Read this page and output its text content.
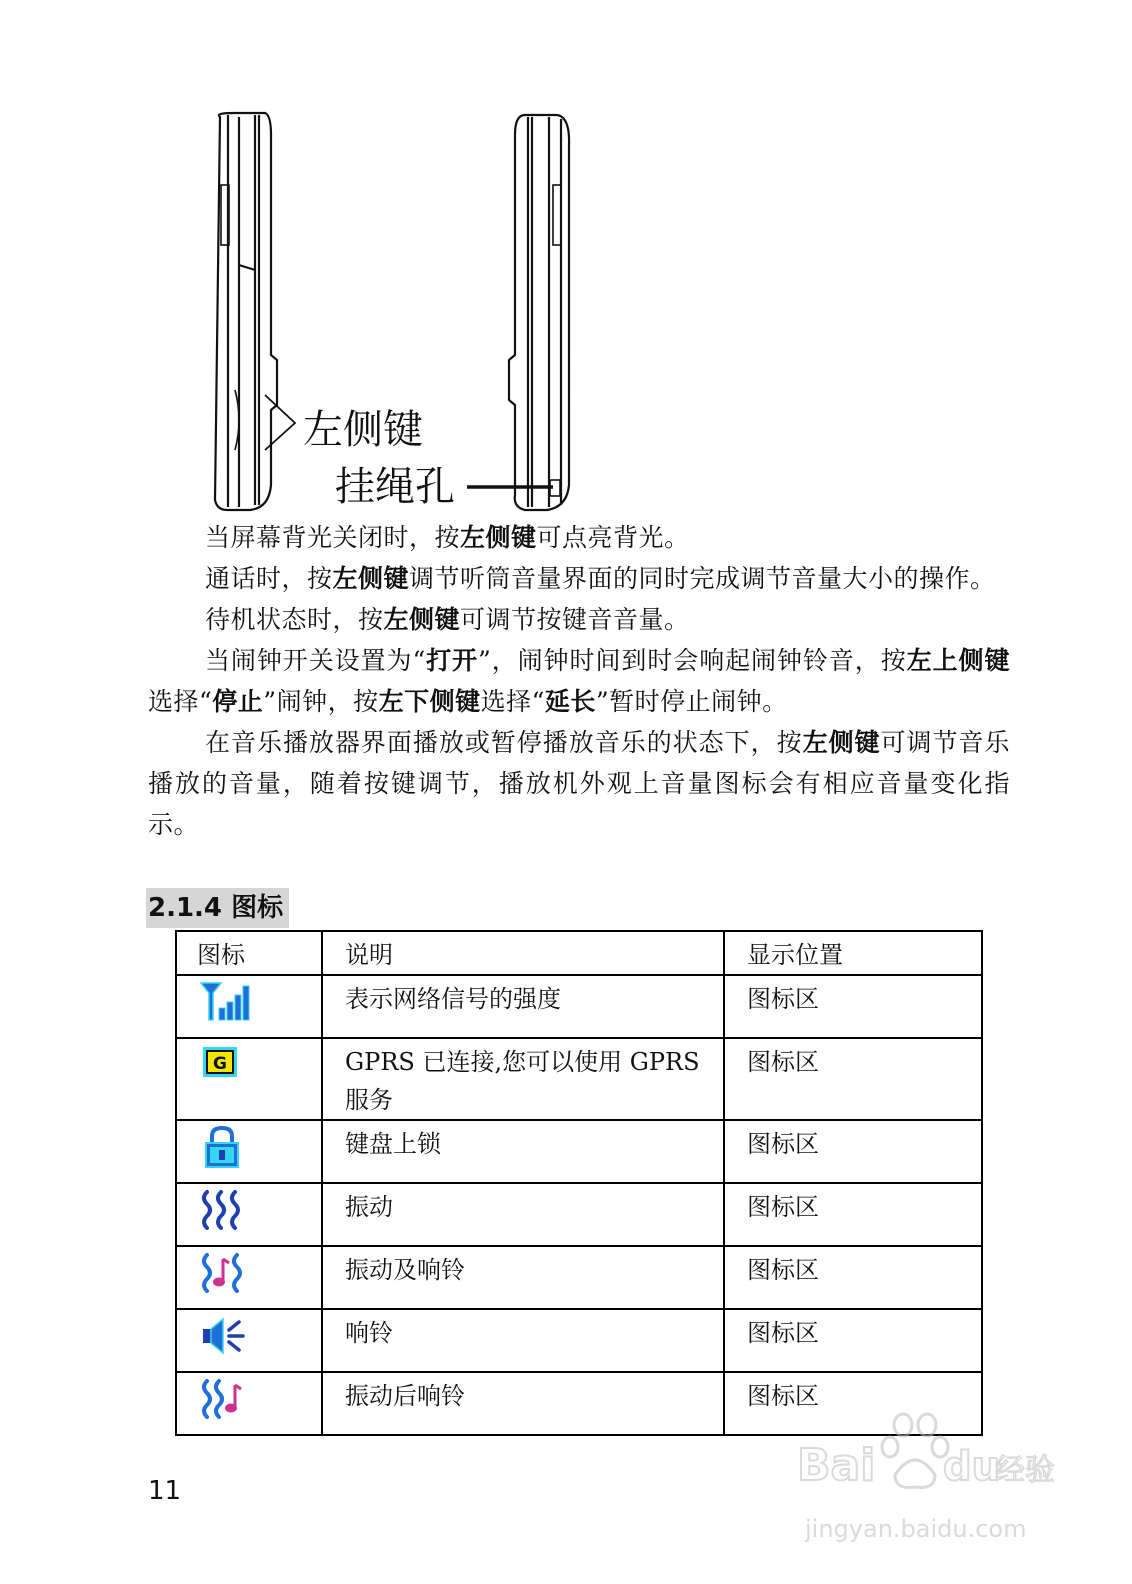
左侧键
挂绳孔

当屏幕背光关闭时，按左侧键可点亮背光。

通话时，按左侧键调节听筒音量界面的同时完成调节音量大小的操作。

待机状态时，按左侧键可调节按键音音量。

当闹钟开关设置为“打开”，闹钟时间到时会响起闹钟铃音，按左上侧键选择“停止”闹钟，按左下侧键选择“延长”暂时停止闹钟。

在音乐播放器界面播放或暂停播放音乐的状态下，按左侧键可调节音乐播放的音量，随着按键调节，播放机外观上音量图标会有相应音量变化指示。

2.1.4 图标
图标	说明	显示位置
	表示网络信号的强度	图标区

G	GPRS 已连接,您可以使用 GPRS 服务	图标区
	键盘上锁	图标区
	振动	图标区
	振动及响铃	图标区
	响铃	图标区
	振动后响铃	图标区
11	Bai du
经验
jingyan.baidu.com
